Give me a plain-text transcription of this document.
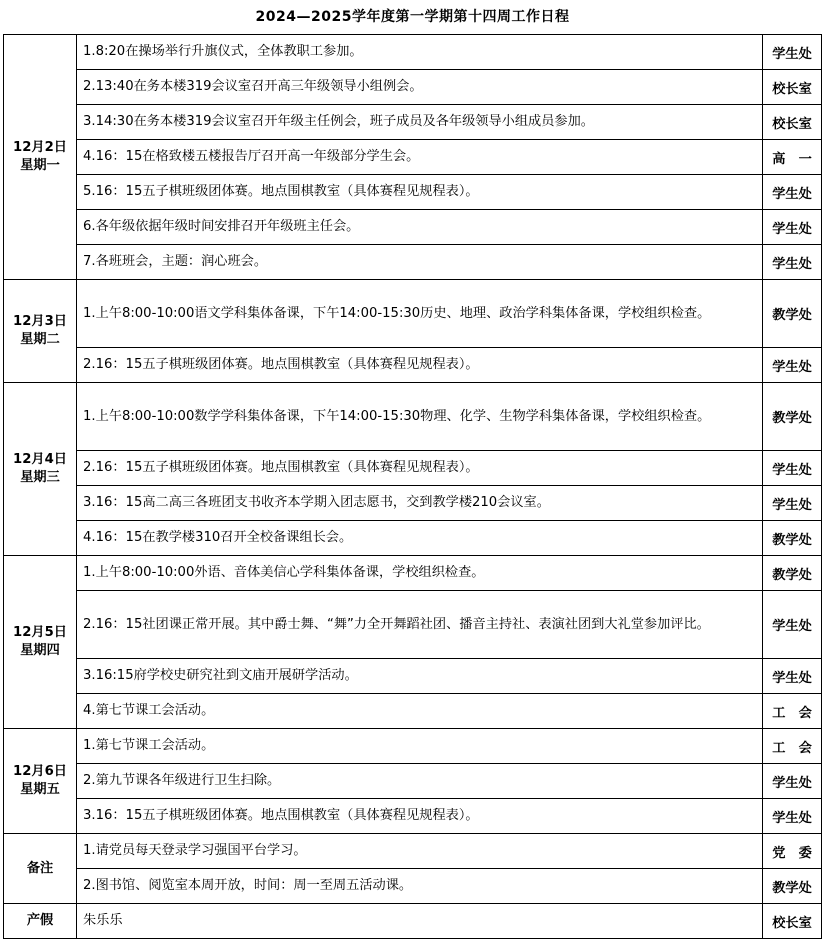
2024—2025学年度第一学期第十四周工作日程
12月2日
星期一	1.8:20在操场举行升旗仪式，全体教职工参加。	学生处
	2.13:40在务本楼319会议室召开高三年级领导小组例会。	校长室
	3.14:30在务本楼319会议室召开年级主任例会，班子成员及各年级领导小组成员参加。	校长室
	4.16：15在格致楼五楼报告厅召开高一年级部分学生会。	高　一
	5.16：15五子棋班级团体赛。地点围棋教室（具体赛程见规程表）。	学生处
	6.各年级依据年级时间安排召开年级班主任会。	学生处
	7.各班班会，主题：润心班会。	学生处

12月3日
星期二	1.上午8:00-10:00语文学科集体备课，下午14:00-15:30历史、地理、政治学科集体备课，学校组织检查。	教学处
	2.16：15五子棋班级团体赛。地点围棋教室（具体赛程见规程表）。	学生处

12月4日
星期三	1.上午8:00-10:00数学学科集体备课，下午14:00-15:30物理、化学、生物学科集体备课，学校组织检查。	教学处
	2.16：15五子棋班级团体赛。地点围棋教室（具体赛程见规程表）。	学生处
	3.16：15高二高三各班团支书收齐本学期入团志愿书，交到教学楼210会议室。	学生处
	4.16：15在教学楼310召开全校备课组长会。	教学处

12月5日
星期四	1.上午8:00-10:00外语、音体美信心学科集体备课，学校组织检查。	教学处
	2.16：15社团课正常开展。其中爵士舞、“舞”力全开舞蹈社团、播音主持社、表演社团到大礼堂参加评比。	学生处
	3.16:15府学校史研究社到文庙开展研学活动。	学生处
	4.第七节课工会活动。	工　会

12月6日
星期五	1.第七节课工会活动。	工　会
	2.第九节课各年级进行卫生扫除。	学生处
	3.16：15五子棋班级团体赛。地点围棋教室（具体赛程见规程表）。	学生处
备注	1.请党员每天登录学习强国平台学习。	党　委
	2.图书馆、阅览室本周开放，时间：周一至周五活动课。	教学处
产假	朱乐乐	校长室
